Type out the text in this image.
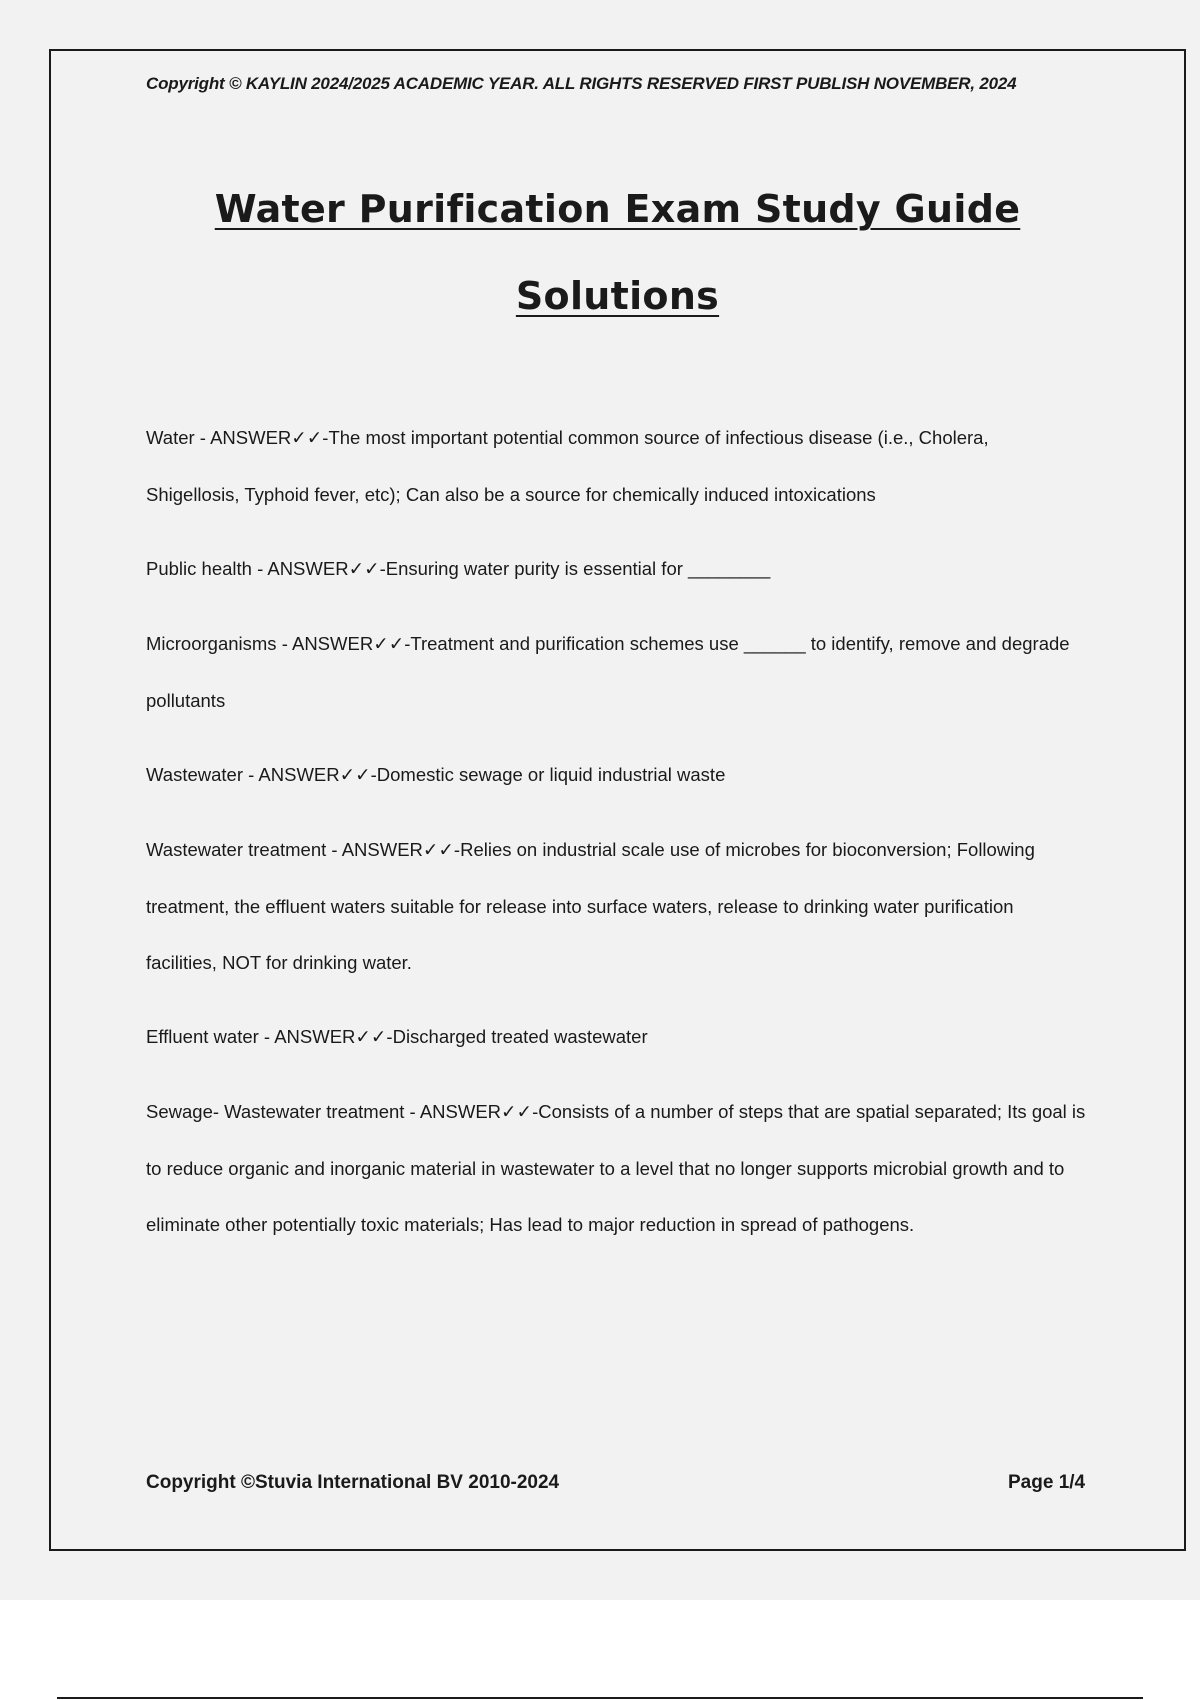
Copyright © KAYLIN 2024/2025 ACADEMIC YEAR. ALL RIGHTS RESERVED FIRST PUBLISH NOVEMBER, 2024
Water Purification Exam Study Guide
Solutions
Water - ANSWER✓✓-The most important potential common source of infectious disease (i.e., Cholera, Shigellosis, Typhoid fever, etc); Can also be a source for chemically induced intoxications
Public health - ANSWER✓✓-Ensuring water purity is essential for ________
Microorganisms - ANSWER✓✓-Treatment and purification schemes use ______ to identify, remove and degrade pollutants
Wastewater - ANSWER✓✓-Domestic sewage or liquid industrial waste
Wastewater treatment - ANSWER✓✓-Relies on industrial scale use of microbes for bioconversion; Following treatment, the effluent waters suitable for release into surface waters, release to drinking water purification facilities, NOT for drinking water.
Effluent water - ANSWER✓✓-Discharged treated wastewater
Sewage- Wastewater treatment - ANSWER✓✓-Consists of a number of steps that are spatial separated; Its goal is to reduce organic and inorganic material in wastewater to a level that no longer supports microbial growth and to eliminate other potentially toxic materials; Has lead to major reduction in spread of pathogens.
Copyright ©Stuvia International BV 2010-2024	Page 1/4
